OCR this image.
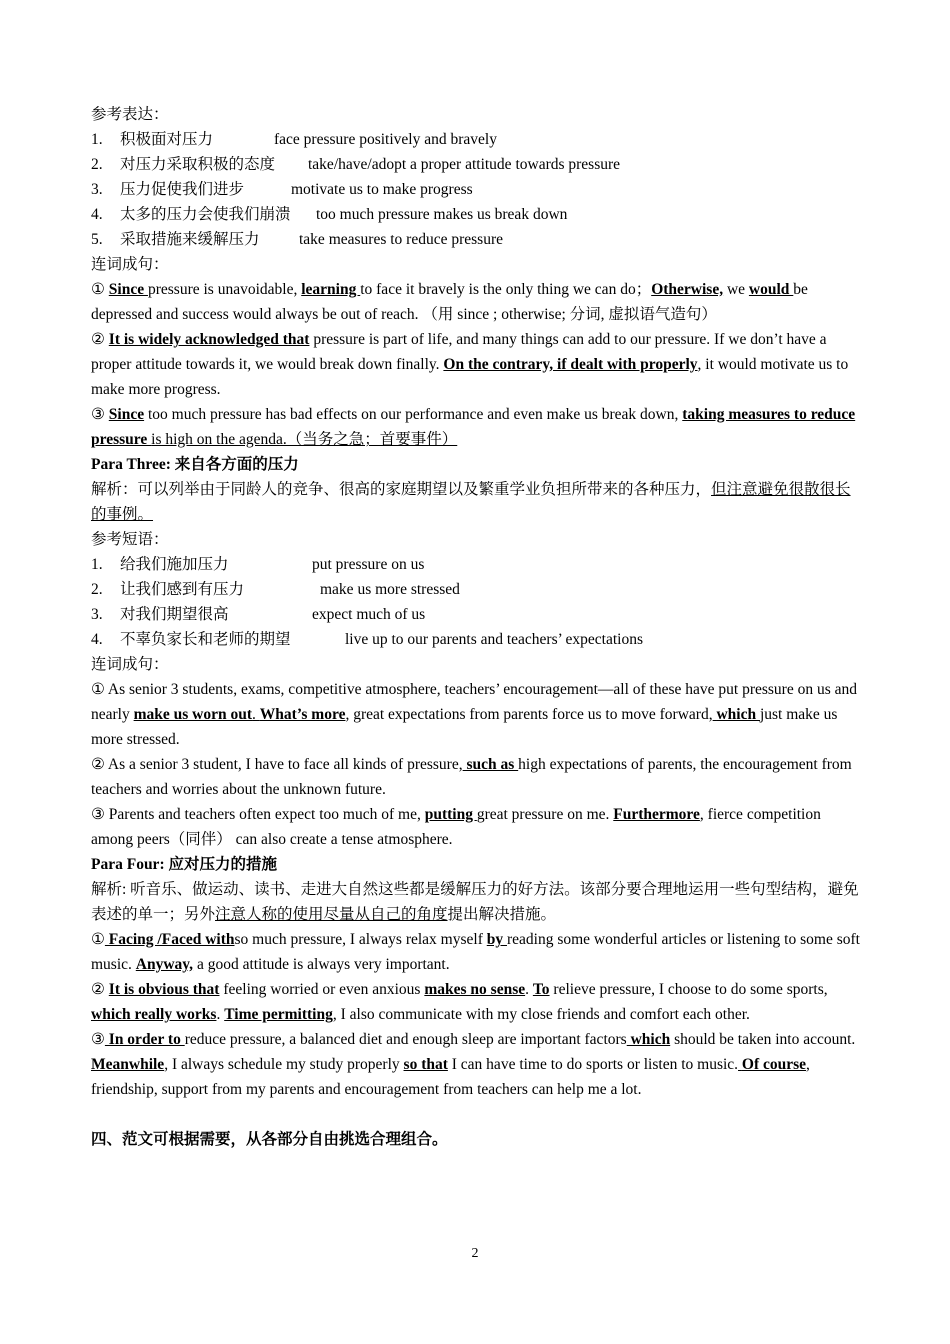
参考表达：

1.	积极面对压力	face pressure positively and bravely
2.	对压力采取积极的态度	take/have/adopt a proper attitude towards pressure
3.	压力促使我们进步	motivate us to make progress
4.	太多的压力会使我们崩溃	too much pressure makes us break down
5.	采取措施来缓解压力	take measures to reduce pressure

连词成句：

① Since pressure is unavoidable, learning to face it bravely is the only thing we can do；Otherwise, we would be depressed and success would always be out of reach. （用 since ; otherwise; 分词, 虚拟语气造句）

② It is widely acknowledged that pressure is part of life, and many things can add to our pressure. If we don’t have a proper attitude towards it, we would break down finally. On the contrary, if dealt with properly, it would motivate us to make more progress.

③ Since too much pressure has bad effects on our performance and even make us break down, taking measures to reduce pressure is high on the agenda.（当务之急；首要事件）

Para Three: 来自各方面的压力

解析：可以列举由于同龄人的竞争、很高的家庭期望以及繁重学业负担所带来的各种压力，但注意避免很散很长的事例。

参考短语：

1.	给我们施加压力	put pressure on us
2.	让我们感到有压力	make us more stressed
3.	对我们期望很高	expect much of us
4.	不辜负家长和老师的期望	live up to our parents and teachers’ expectations

连词成句：

① As senior 3 students, exams, competitive atmosphere, teachers’ encouragement—all of these have put pressure on us and nearly make us worn out. What’s more, great expectations from parents force us to move forward, which just make us more stressed.

② As a senior 3 student, I have to face all kinds of pressure, such as high expectations of parents, the encouragement from teachers and worries about the unknown future.

③ Parents and teachers often expect too much of me, putting great pressure on me. Furthermore, fierce competition among peers（同伴） can also create a tense atmosphere.

Para Four: 应对压力的措施

解析: 听音乐、做运动、读书、走进大自然这些都是缓解压力的好方法。该部分要合理地运用一些句型结构，避免表述的单一；另外注意人称的使用尽量从自己的角度提出解决措施。

① Facing /Faced withso much pressure, I always relax myself by reading some wonderful articles or listening to some soft music. Anyway, a good attitude is always very important.

② It is obvious that feeling worried or even anxious makes no sense. To relieve pressure, I choose to do some sports, which really works. Time permitting, I also communicate with my close friends and comfort each other.

③ In order to reduce pressure, a balanced diet and enough sleep are important factors which should be taken into account. Meanwhile, I always schedule my study properly so that I can have time to do sports or listen to music. Of course, friendship, support from my parents and encouragement from teachers can help me a lot.

四、范文可根据需要，从各部分自由挑选合理组合。

2
